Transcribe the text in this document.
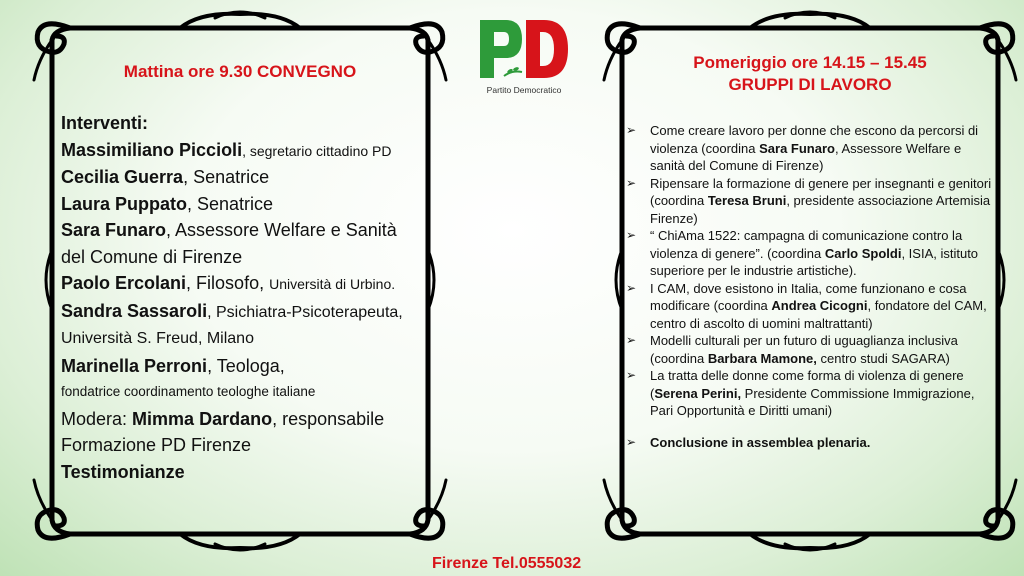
Mattina ore 9.30 CONVEGNO
Interventi:
Massimiliano Piccioli, segretario cittadino PD
Cecilia Guerra, Senatrice
Laura Puppato, Senatrice
Sara Funaro, Assessore Welfare e Sanità
del Comune di Firenze
Paolo Ercolani, Filosofo, Università di Urbino.
Sandra Sassaroli, Psichiatra-Psicoterapeuta,
Università S. Freud, Milano
Marinella Perroni, Teologa,
fondatrice coordinamento teologhe italiane
Modera: Mimma Dardano, responsabile
Formazione PD Firenze
Testimonianze
Partito Democratico
Pomeriggio ore 14.15 – 15.45
GRUPPI DI LAVORO
➢ Come creare lavoro per donne che escono da percorsi di violenza (coordina Sara Funaro, Assessore Welfare e sanità del Comune di Firenze)
➢ Ripensare la formazione di genere per insegnanti e genitori (coordina Teresa Bruni, presidente associazione Artemisia Firenze)
➢ “ ChiAma 1522: campagna di comunicazione contro la violenza di genere”. (coordina Carlo Spoldi, ISIA, istituto superiore per le industrie artistiche).
➢ I CAM, dove esistono in Italia, come funzionano e cosa modificare (coordina Andrea Cicogni, fondatore del CAM, centro di ascolto di uomini maltrattanti)
➢ Modelli culturali per un futuro di uguaglianza inclusiva (coordina Barbara Mamone, centro studi SAGARA)
➢ La tratta delle donne come forma di violenza di genere (Serena Perini, Presidente Commissione Immigrazione, Pari Opportunità e Diritti umani)
➢ Conclusione in assemblea plenaria.
Firenze Tel.0555032
